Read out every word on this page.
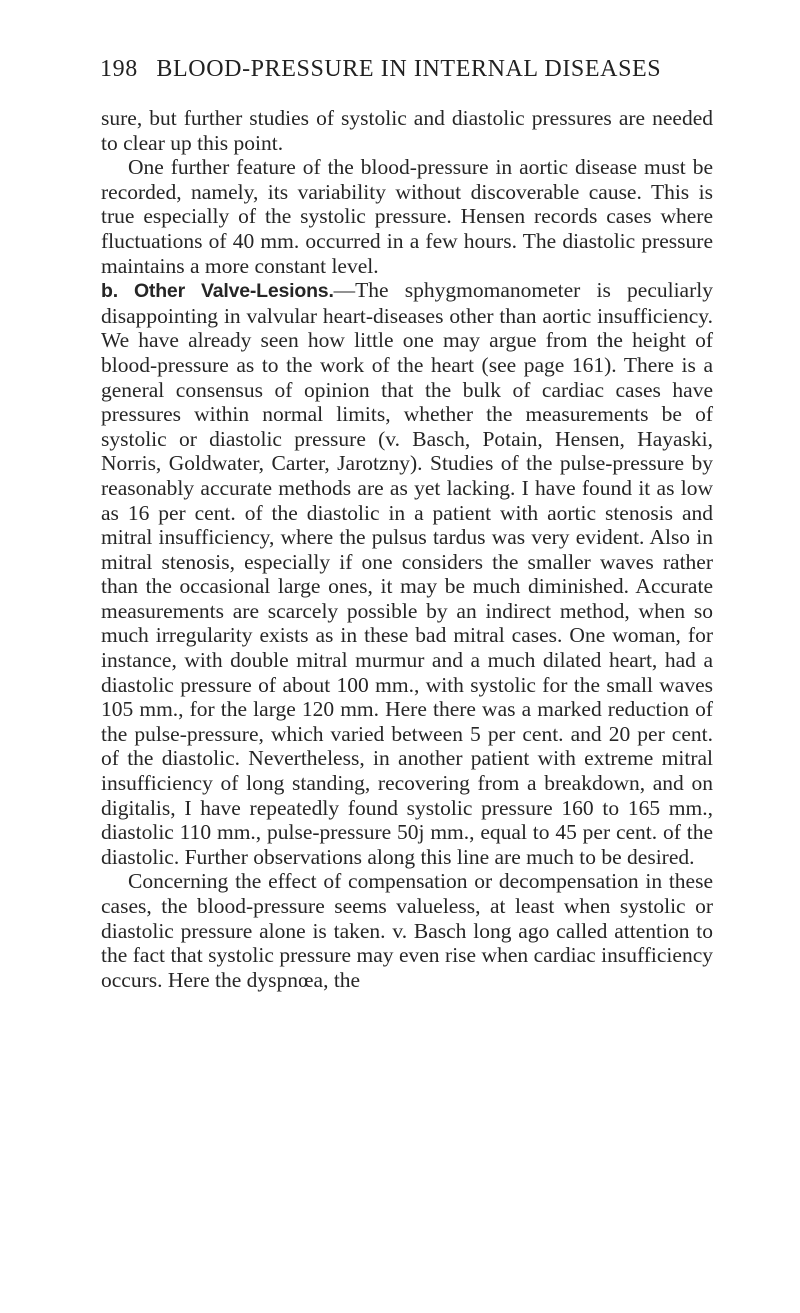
198 BLOOD-PRESSURE IN INTERNAL DISEASES

sure, but further studies of systolic and diastolic pressures are needed to clear up this point.

One further feature of the blood-pressure in aortic disease must be recorded, namely, its variability without discoverable cause. This is true especially of the systolic pressure. Hensen records cases where fluctuations of 40 mm. occurred in a few hours. The diastolic pressure maintains a more constant level.

b. Other Valve-Lesions.—The sphygmomanometer is peculiarly disappointing in valvular heart-diseases other than aortic insufficiency. We have already seen how little one may argue from the height of blood-pressure as to the work of the heart (see page 161). There is a general consensus of opinion that the bulk of cardiac cases have pressures within normal limits, whether the measurements be of systolic or diastolic pressure (v. Basch, Potain, Hensen, Hayaski, Norris, Goldwater, Carter, Jarotzny). Studies of the pulse-pressure by reasonably accurate methods are as yet lacking. I have found it as low as 16 per cent. of the diastolic in a patient with aortic stenosis and mitral insufficiency, where the pulsus tardus was very evident. Also in mitral stenosis, especially if one considers the smaller waves rather than the occasional large ones, it may be much diminished. Accurate measurements are scarcely possible by an indirect method, when so much irregularity exists as in these bad mitral cases. One woman, for instance, with double mitral murmur and a much dilated heart, had a diastolic pressure of about 100 mm., with systolic for the small waves 105 mm., for the large 120 mm. Here there was a marked reduction of the pulse-pressure, which varied between 5 per cent. and 20 per cent. of the diastolic. Nevertheless, in another patient with extreme mitral insufficiency of long standing, recovering from a breakdown, and on digitalis, I have repeatedly found systolic pressure 160 to 165 mm., diastolic 110 mm., pulse-pressure 50j mm., equal to 45 per cent. of the diastolic. Further observations along this line are much to be desired.

Concerning the effect of compensation or decompensation in these cases, the blood-pressure seems valueless, at least when systolic or diastolic pressure alone is taken. v. Basch long ago called attention to the fact that systolic pressure may even rise when cardiac insufficiency occurs. Here the dyspnœa, the
